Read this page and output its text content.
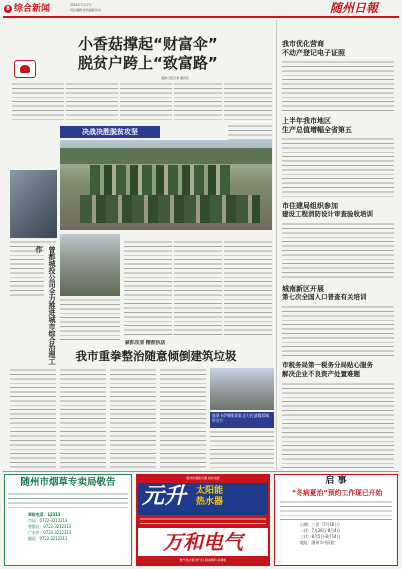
8 综合新闻	2024年7月17日
责任编辑 美术编辑 校对	随州日報
小香菇撑起“财富伞”
脱贫户跨上“致富路”
随州日报记者 通讯员
决战决胜脱贫攻坚
曾都城投公司全力推进城市综合治理工作
紧抓攻坚 精准执法
我市重拳整治随意倾倒建筑垃圾
凯莱卡萨摄影团队全力打造精彩城市名片
我市优化营商
不动产登记电子证照
上半年我市地区
生产总值增幅全省第五
市住建局组织参加
建设工程消防设计审查验收培训
城南新区开展
第七次全国人口普查有关培训
市税务局第一税务分局贴心服务
解决企业不良资产处置难题
随州市烟草专卖局敬告
举报电话：12313
市局：0722-3212313
曾都区：0722-3212313
广水市：0722-3212313
随县：0722-3212313
随州市最新优惠 热线电话
元升 太阳能
热水器
万和电气
燃气热水器 燃气灶 吸油烟机 消毒柜
启 事
“冬病夏治”预约工作现已开始
日期：三伏（7月16日）
二伏：7月26日-8月4日
三伏：8月5日-8月14日
地址：随州市中医院
